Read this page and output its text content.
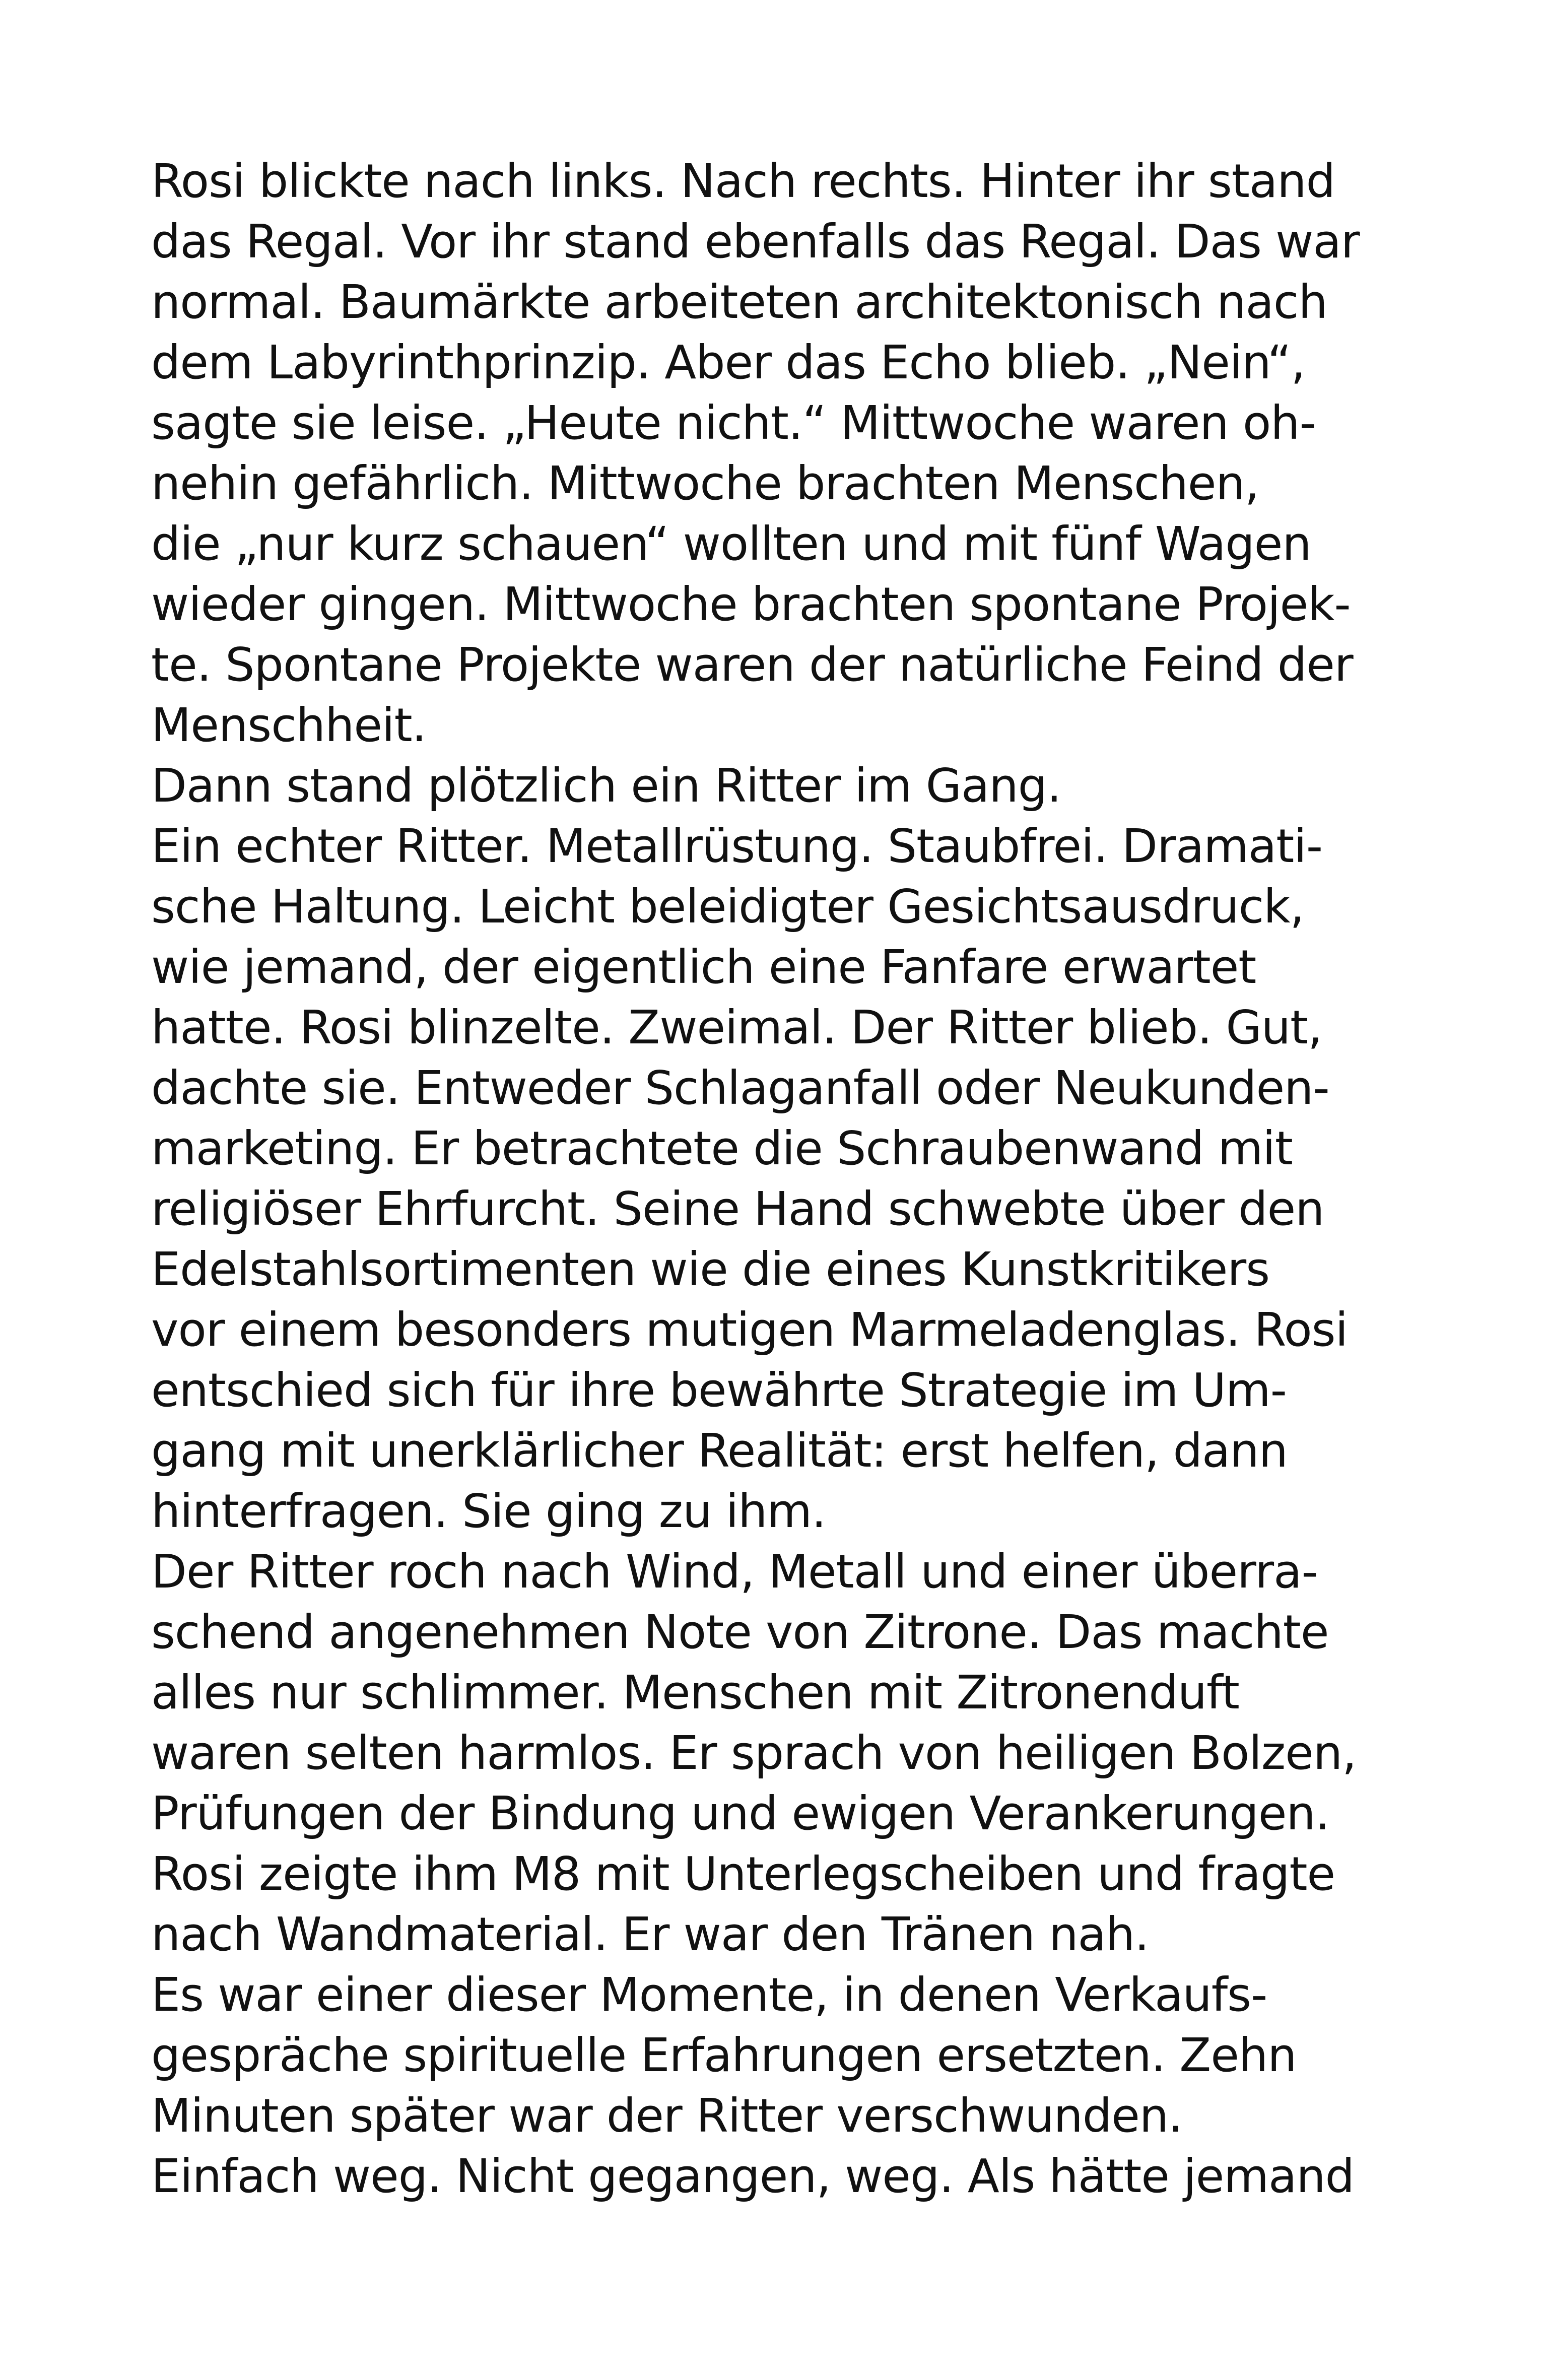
Rosi blickte nach links. Nach rechts. Hinter ihr stand
das Regal. Vor ihr stand ebenfalls das Regal. Das war
normal. Baumärkte arbeiteten architektonisch nach
dem Labyrinthprinzip. Aber das Echo blieb. „Nein“,
sagte sie leise. „Heute nicht.“ Mittwoche waren oh-
nehin gefährlich. Mittwoche brachten Menschen,
die „nur kurz schauen“ wollten und mit fünf Wagen
wieder gingen. Mittwoche brachten spontane Projek-
te. Spontane Projekte waren der natürliche Feind der
Menschheit.
Dann stand plötzlich ein Ritter im Gang.
Ein echter Ritter. Metallrüstung. Staubfrei. Dramati-
sche Haltung. Leicht beleidigter Gesichtsausdruck,
wie jemand, der eigentlich eine Fanfare erwartet
hatte. Rosi blinzelte. Zweimal. Der Ritter blieb. Gut,
dachte sie. Entweder Schlaganfall oder Neukunden-
marketing. Er betrachtete die Schraubenwand mit
religiöser Ehrfurcht. Seine Hand schwebte über den
Edelstahlsortimenten wie die eines Kunstkritikers
vor einem besonders mutigen Marmeladenglas. Rosi
entschied sich für ihre bewährte Strategie im Um-
gang mit unerklärlicher Realität: erst helfen, dann
hinterfragen. Sie ging zu ihm.
Der Ritter roch nach Wind, Metall und einer überra-
schend angenehmen Note von Zitrone. Das machte
alles nur schlimmer. Menschen mit Zitronenduft
waren selten harmlos. Er sprach von heiligen Bolzen,
Prüfungen der Bindung und ewigen Verankerungen.
Rosi zeigte ihm M8 mit Unterlegscheiben und fragte
nach Wandmaterial. Er war den Tränen nah.
Es war einer dieser Momente, in denen Verkaufs-
gespräche spirituelle Erfahrungen ersetzten. Zehn
Minuten später war der Ritter verschwunden.
Einfach weg. Nicht gegangen, weg. Als hätte jemand
